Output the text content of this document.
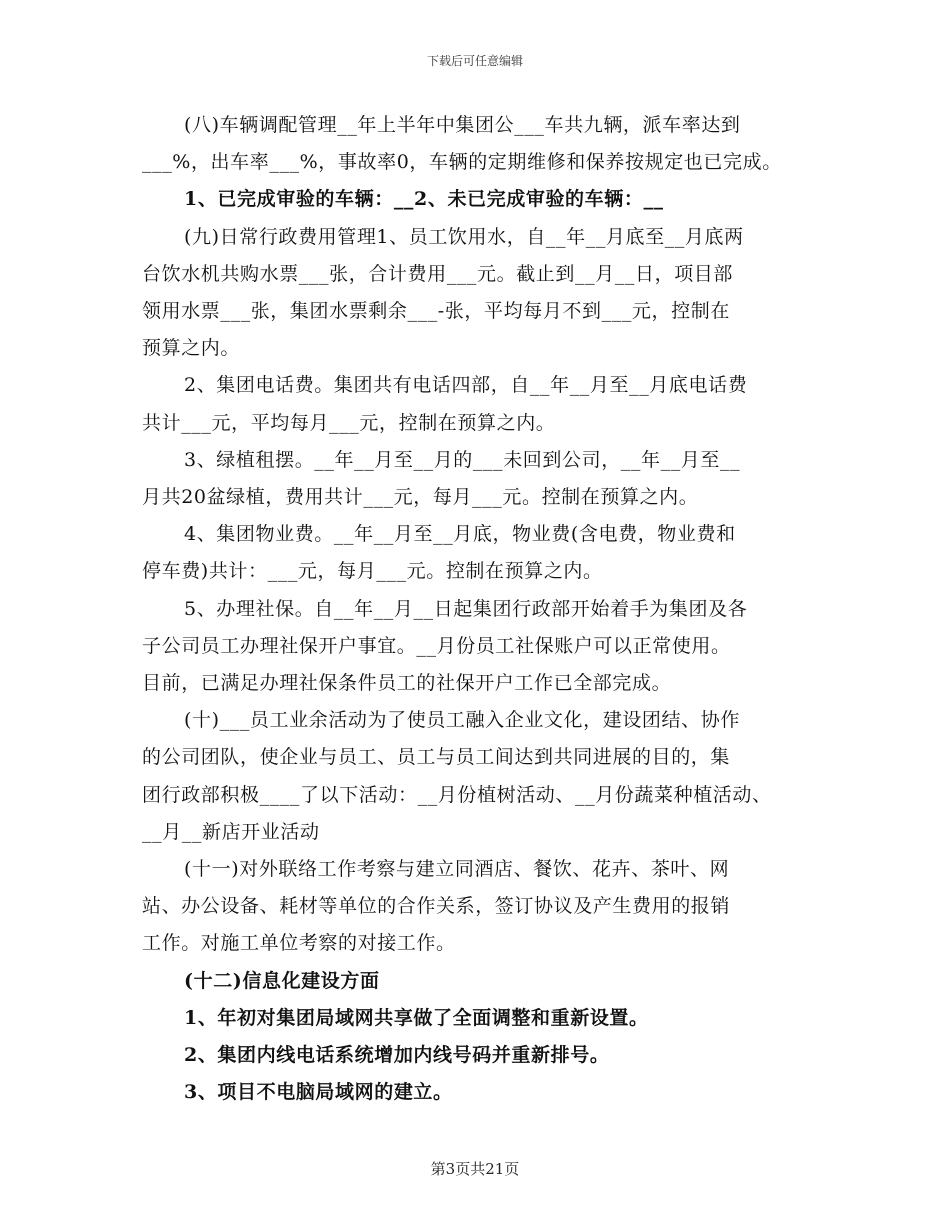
下载后可任意编辑

(八)车辆调配管理__年上半年中集团公___车共九辆，派车率达到
___%，出车率___%，事故率0，车辆的定期维修和保养按规定也已完成。

1、已完成审验的车辆：__2、未已完成审验的车辆：__

(九)日常行政费用管理1、员工饮用水，自__年__月底至__月底两
台饮水机共购水票___张，合计费用___元。截止到__月__日，项目部
领用水票___张，集团水票剩余___-张，平均每月不到___元，控制在
预算之内。

2、集团电话费。集团共有电话四部，自__年__月至__月底电话费
共计___元，平均每月___元，控制在预算之内。

3、绿植租摆。__年__月至__月的___未回到公司，__年__月至__
月共20盆绿植，费用共计___元，每月___元。控制在预算之内。

4、集团物业费。__年__月至__月底，物业费(含电费，物业费和
停车费)共计：___元，每月___元。控制在预算之内。

5、办理社保。自__年__月__日起集团行政部开始着手为集团及各
子公司员工办理社保开户事宜。__月份员工社保账户可以正常使用。
目前，已满足办理社保条件员工的社保开户工作已全部完成。

(十)___员工业余活动为了使员工融入企业文化，建设团结、协作
的公司团队，使企业与员工、员工与员工间达到共同进展的目的，集
团行政部积极____了以下活动：__月份植树活动、__月份蔬菜种植活动、
__月__新店开业活动

(十一)对外联络工作考察与建立同酒店、餐饮、花卉、茶叶、网
站、办公设备、耗材等单位的合作关系，签订协议及产生费用的报销
工作。对施工单位考察的对接工作。

(十二)信息化建设方面

1、年初对集团局域网共享做了全面调整和重新设置。

2、集团内线电话系统增加内线号码并重新排号。

3、项目不电脑局域网的建立。

第3页共21页
